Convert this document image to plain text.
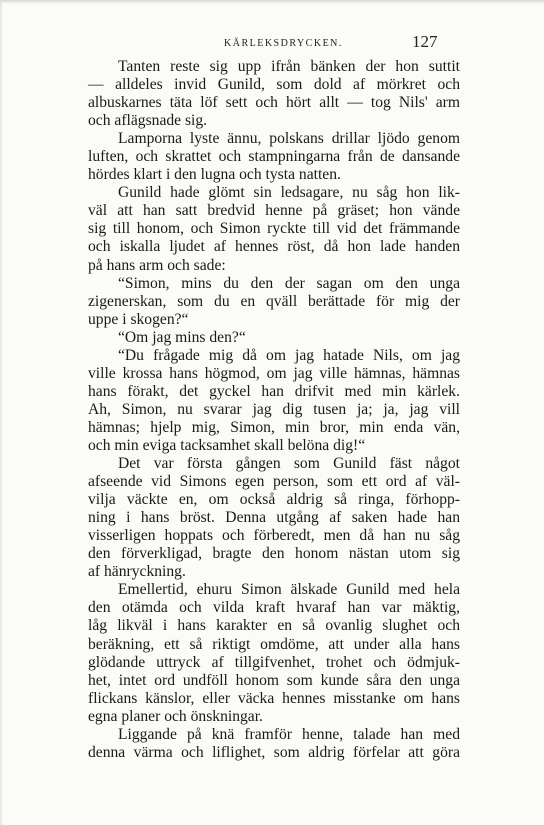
KÄRLEKSDRYCKEN.	127
Tanten reste sig upp ifrån bänken der hon suttit
— alldeles invid Gunild, som dold af mörkret och
albuskarnes täta löf sett och hört allt — tog Nils' arm
och aflägsnade sig.
Lamporna lyste ännu, polskans drillar ljödo genom
luften, och skrattet och stampningarna från de dansande
hördes klart i den lugna och tysta natten.
Gunild hade glömt sin ledsagare, nu såg hon lik-
väl att han satt bredvid henne på gräset; hon vände
sig till honom, och Simon ryckte till vid det främmande
och iskalla ljudet af hennes röst, då hon lade handen
på hans arm och sade:
“Simon, mins du den der sagan om den unga
zigenerskan, som du en qväll berättade för mig der
uppe i skogen?“
“Om jag mins den?“
“Du frågade mig då om jag hatade Nils, om jag
ville krossa hans högmod, om jag ville hämnas, hämnas
hans förakt, det gyckel han drifvit med min kärlek.
Ah, Simon, nu svarar jag dig tusen ja; ja, jag vill
hämnas; hjelp mig, Simon, min bror, min enda vän,
och min eviga tacksamhet skall belöna dig!“
Det var första gången som Gunild fäst något
afseende vid Simons egen person, som ett ord af väl-
vilja väckte en, om också aldrig så ringa, förhopp-
ning i hans bröst. Denna utgång af saken hade han
visserligen hoppats och förberedt, men då han nu såg
den förverkligad, bragte den honom nästan utom sig
af hänryckning.
Emellertid, ehuru Simon älskade Gunild med hela
den otämda och vilda kraft hvaraf han var mäktig,
låg likväl i hans karakter en så ovanlig slughet och
beräkning, ett så riktigt omdöme, att under alla hans
glödande uttryck af tillgifvenhet, trohet och ödmjuk-
het, intet ord undföll honom som kunde såra den unga
flickans känslor, eller väcka hennes misstanke om hans
egna planer och önskningar.
Liggande på knä framför henne, talade han med
denna värma och liflighet, som aldrig förfelar att göra
